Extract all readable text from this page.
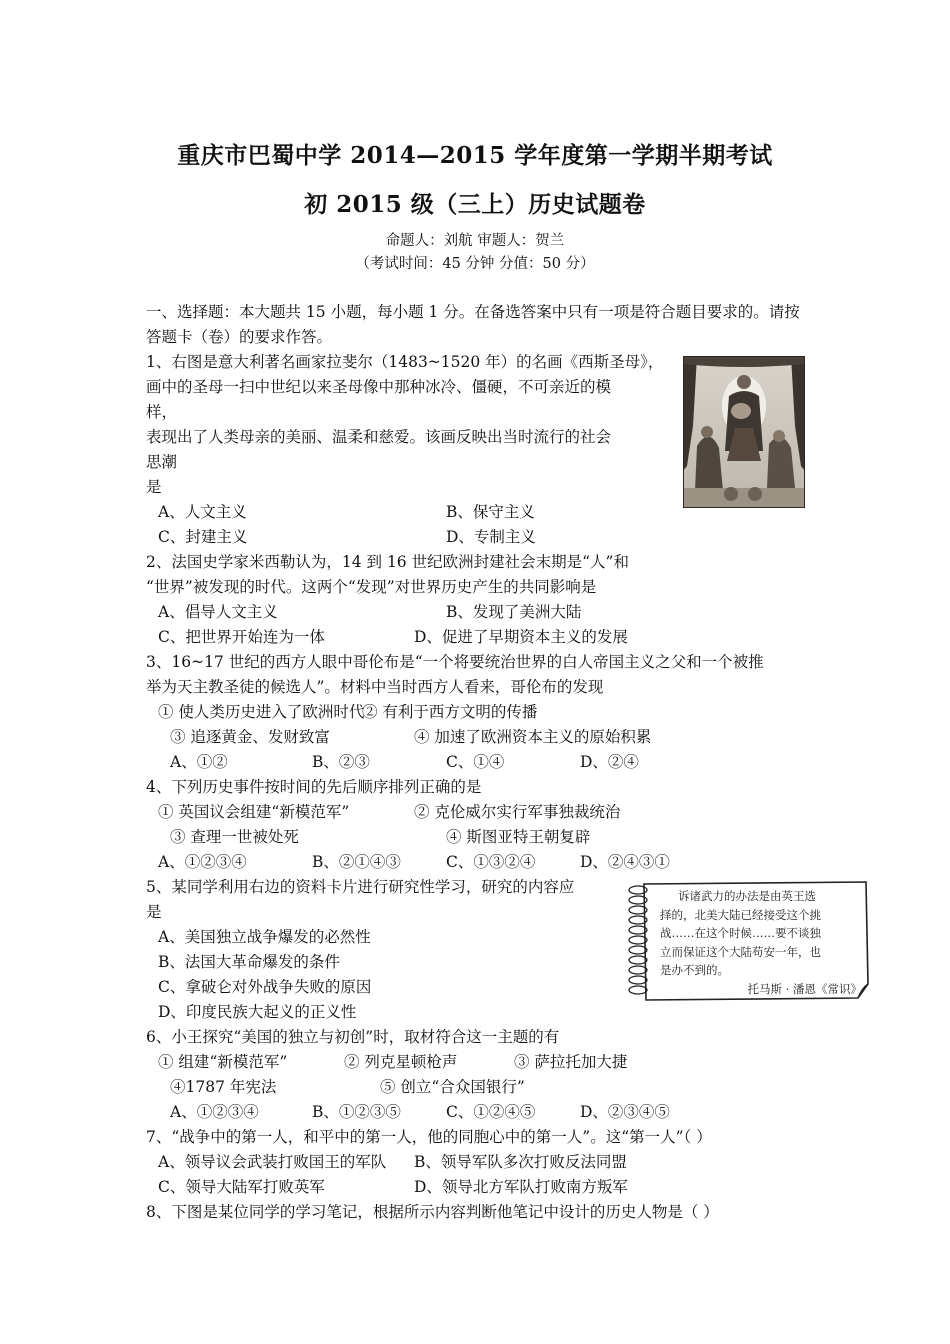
重庆市巴蜀中学 2014—2015 学年度第一学期半期考试
初 2015 级（三上）历史试题卷
命题人：刘航 审题人：贺兰
（考试时间：45 分钟 分值：50 分）
一、选择题：本大题共 15 小题，每小题 1 分。在备选答案中只有一项是符合题目要求的。请按
答题卡（卷）的要求作答。
1、右图是意大利著名画家拉斐尔（1483~1520 年）的名画《西斯圣母》，
画中的圣母一扫中世纪以来圣母像中那种冰冷、僵硬，不可亲近的模
样，
表现出了人类母亲的美丽、温柔和慈爱。该画反映出当时流行的社会
思潮
是
A、人文主义	B、保守主义
C、封建主义	D、专制主义
2、法国史学家米西勒认为，14 到 16 世纪欧洲封建社会末期是“人”和
“世界”被发现的时代。这两个“发现”对世界历史产生的共同影响是
A、倡导人文主义	B、发现了美洲大陆
C、把世界开始连为一体	D、促进了早期资本主义的发展
3、16~17 世纪的西方人眼中哥伦布是“一个将要统治世界的白人帝国主义之父和一个被推
举为天主教圣徒的候选人”。材料中当时西方人看来，哥伦布的发现
① 使人类历史进入了欧洲时代
② 有利于西方文明的传播
③ 追逐黄金、发财致富	④ 加速了欧洲资本主义的原始积累
A、①②	B、②③	C、①④	D、②④
4、下列历史事件按时间的先后顺序排列正确的是
① 英国议会组建“新模范军”	② 克伦威尔实行军事独裁统治
③ 查理一世被处死	④ 斯图亚特王朝复辟
A、①②③④	B、②①④③	C、①③②④	D、②④③①
5、某同学利用右边的资料卡片进行研究性学习，研究的内容应
是
A、美国独立战争爆发的必然性
B、法国大革命爆发的条件
C、拿破仑对外战争失败的原因
D、印度民族大起义的正义性
诉诸武力的办法是由英王选
择的，北美大陆已经接受这个挑
战……在这个时候……要不谈独
立而保证这个大陆苟安一年，也
是办不到的。
托马斯 · 潘恩《常识》
6、小王探究“美国的独立与初创”时，取材符合这一主题的有
① 组建“新模范军”	② 列克星顿枪声	③ 萨拉托加大捷
④1787 年宪法	⑤ 创立“合众国银行”
A、①②③④	B、①②③⑤	C、①②④⑤	D、②③④⑤
7、“战争中的第一人，和平中的第一人，他的同胞心中的第一人”。这“第一人”（ ）
A、领导议会武装打败国王的军队 B、领导军队多次打败反法同盟
C、领导大陆军打败英军	D、领导北方军队打败南方叛军
8、下图是某位同学的学习笔记，根据所示内容判断他笔记中设计的历史人物是（ ）
